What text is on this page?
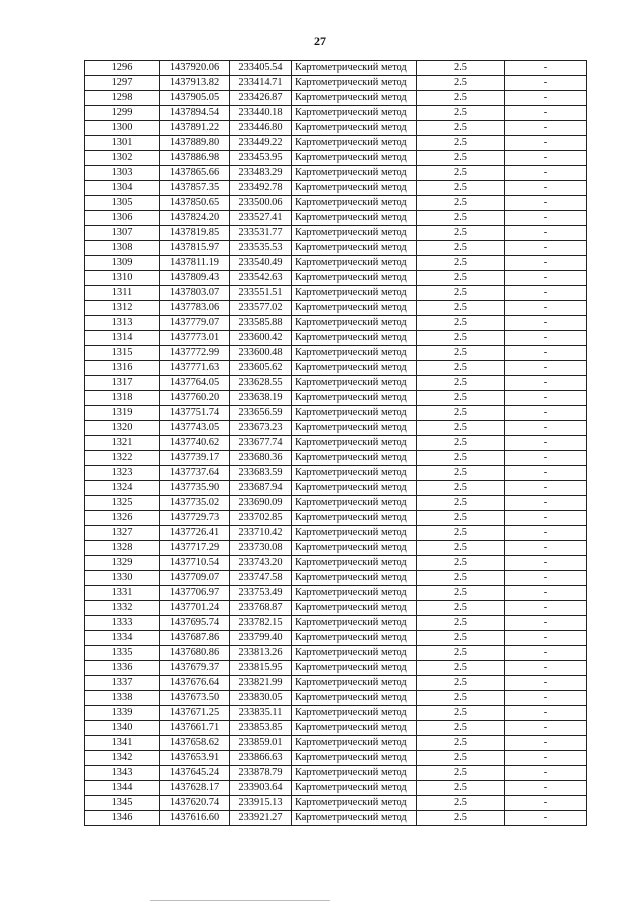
27
1296	1437920.06	233405.54	Картометрический метод	2.5	-
1297	1437913.82	233414.71	Картометрический метод	2.5	-
1298	1437905.05	233426.87	Картометрический метод	2.5	-
1299	1437894.54	233440.18	Картометрический метод	2.5	-
1300	1437891.22	233446.80	Картометрический метод	2.5	-
1301	1437889.80	233449.22	Картометрический метод	2.5	-
1302	1437886.98	233453.95	Картометрический метод	2.5	-
1303	1437865.66	233483.29	Картометрический метод	2.5	-
1304	1437857.35	233492.78	Картометрический метод	2.5	-
1305	1437850.65	233500.06	Картометрический метод	2.5	-
1306	1437824.20	233527.41	Картометрический метод	2.5	-
1307	1437819.85	233531.77	Картометрический метод	2.5	-
1308	1437815.97	233535.53	Картометрический метод	2.5	-
1309	1437811.19	233540.49	Картометрический метод	2.5	-
1310	1437809.43	233542.63	Картометрический метод	2.5	-
1311	1437803.07	233551.51	Картометрический метод	2.5	-
1312	1437783.06	233577.02	Картометрический метод	2.5	-
1313	1437779.07	233585.88	Картометрический метод	2.5	-
1314	1437773.01	233600.42	Картометрический метод	2.5	-
1315	1437772.99	233600.48	Картометрический метод	2.5	-
1316	1437771.63	233605.62	Картометрический метод	2.5	-
1317	1437764.05	233628.55	Картометрический метод	2.5	-
1318	1437760.20	233638.19	Картометрический метод	2.5	-
1319	1437751.74	233656.59	Картометрический метод	2.5	-
1320	1437743.05	233673.23	Картометрический метод	2.5	-
1321	1437740.62	233677.74	Картометрический метод	2.5	-
1322	1437739.17	233680.36	Картометрический метод	2.5	-
1323	1437737.64	233683.59	Картометрический метод	2.5	-
1324	1437735.90	233687.94	Картометрический метод	2.5	-
1325	1437735.02	233690.09	Картометрический метод	2.5	-
1326	1437729.73	233702.85	Картометрический метод	2.5	-
1327	1437726.41	233710.42	Картометрический метод	2.5	-
1328	1437717.29	233730.08	Картометрический метод	2.5	-
1329	1437710.54	233743.20	Картометрический метод	2.5	-
1330	1437709.07	233747.58	Картометрический метод	2.5	-
1331	1437706.97	233753.49	Картометрический метод	2.5	-
1332	1437701.24	233768.87	Картометрический метод	2.5	-
1333	1437695.74	233782.15	Картометрический метод	2.5	-
1334	1437687.86	233799.40	Картометрический метод	2.5	-
1335	1437680.86	233813.26	Картометрический метод	2.5	-
1336	1437679.37	233815.95	Картометрический метод	2.5	-
1337	1437676.64	233821.99	Картометрический метод	2.5	-
1338	1437673.50	233830.05	Картометрический метод	2.5	-
1339	1437671.25	233835.11	Картометрический метод	2.5	-
1340	1437661.71	233853.85	Картометрический метод	2.5	-
1341	1437658.62	233859.01	Картометрический метод	2.5	-
1342	1437653.91	233866.63	Картометрический метод	2.5	-
1343	1437645.24	233878.79	Картометрический метод	2.5	-
1344	1437628.17	233903.64	Картометрический метод	2.5	-
1345	1437620.74	233915.13	Картометрический метод	2.5	-
1346	1437616.60	233921.27	Картометрический метод	2.5	-
